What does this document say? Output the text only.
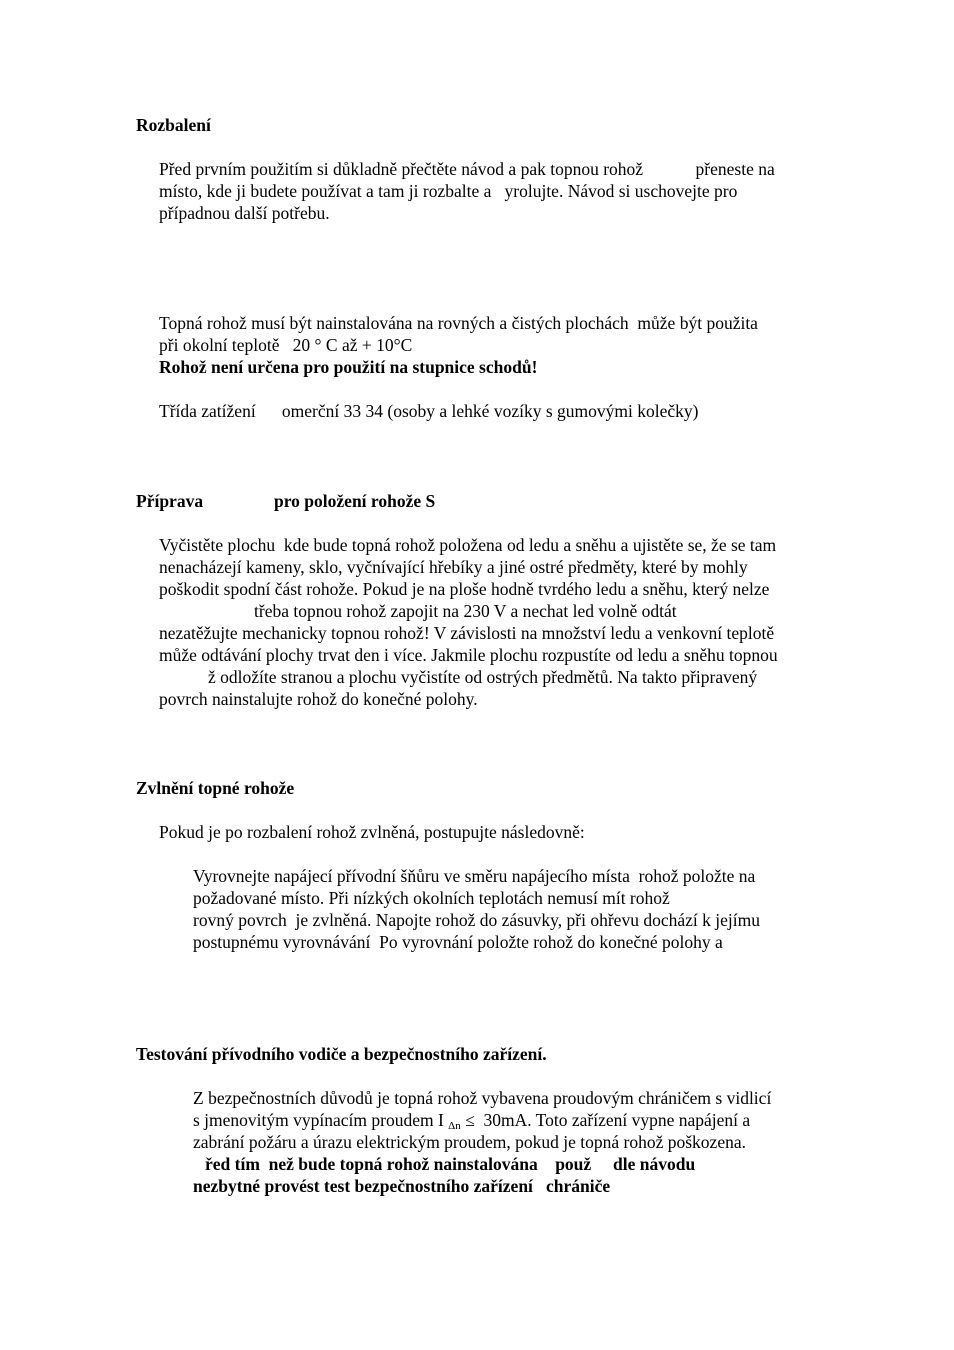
Rozbalení
Před prvním použitím si důkladně přečtěte návod a pak topnou rohož            přeneste na
místo, kde ji budete používat a tam ji rozbalte a   yrolujte. Návod si uschovejte pro
případnou další potřebu.
Topná rohož musí být nainstalována na rovných a čistých plochách  může být použita
při okolní teplotě   20 ° C až + 10°C
Rohož není určena pro použití na stupnice schodů!
Třída zatížení      omerční 33 34 (osoby a lehké vozíky s gumovými kolečky)
Příprava	pro položení rohože S
Vyčistěte plochu  kde bude topná rohož položena od ledu a sněhu a ujistěte se, že se tam
nenacházejí kameny, sklo, vyčnívající hřebíky a jiné ostré předměty, které by mohly
poškodit spodní část rohože. Pokud je na ploše hodně tvrdého ledu a sněhu, který nelze
třeba topnou rohož zapojit na 230 V a nechat led volně odtát
nezatěžujte mechanicky topnou rohož! V závislosti na množství ledu a venkovní teplotě
může odtávání plochy trvat den i více. Jakmile plochu rozpustíte od ledu a sněhu topnou
ž odložíte stranou a plochu vyčistíte od ostrých předmětů. Na takto připravený
povrch nainstalujte rohož do konečné polohy.
Zvlnění topné rohože
Pokud je po rozbalení rohož zvlněná, postupujte následovně:
Vyrovnejte napájecí přívodní šňůru ve směru napájecího místa  rohož položte na
požadované místo. Při nízkých okolních teplotách nemusí mít rohož
rovný povrch  je zvlněná. Napojte rohož do zásuvky, při ohřevu dochází k jejímu
postupnému vyrovnávání  Po vyrovnání položte rohož do konečné polohy a
Testování přívodního vodiče a bezpečnostního zařízení.
Z bezpečnostních důvodů je topná rohož vybavena proudovým chráničem s vidlicí
s jmenovitým vypínacím proudem I $_{\Delta n}$ ≤  30mA. Toto zařízení vypne napájení a
zabrání požáru a úrazu elektrickým proudem, pokud je topná rohož poškozena.
řed tím  než bude topná rohož nainstalována    použ     dle návodu
nezbytné provést test bezpečnostního zařízení   chrániče
